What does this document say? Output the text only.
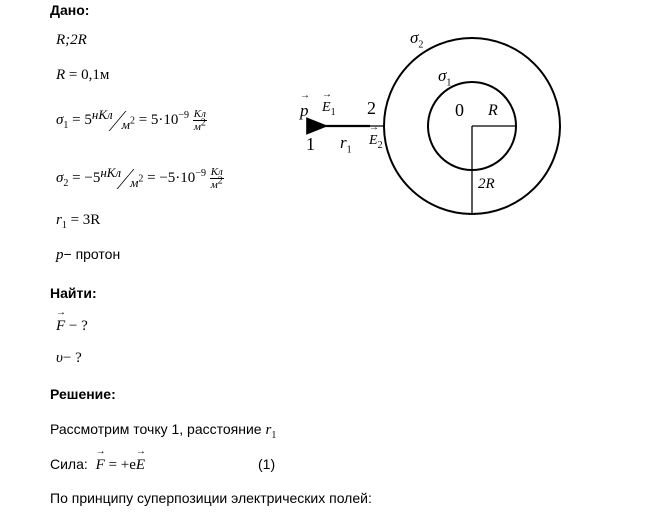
$\sigma_2$
$\sigma_1$
→ p
→ $E_1$ 2
1 $r_1$
→ $E_2$
0 R
2R
Дано:
R;2R
R = 0,1м
$\sigma_1$ = 5нКлм$^2$ = $5\cdot 10^{-9} \frac{Кл}{м^2}$
$\sigma_2$ = −5нКлм$^2$ = $-5\cdot 10^{-9} \frac{Кл}{м^2}$
$r_1 = 3R$
p− протон
Найти:
→ F − ?
υ− ?
Решение:
Рассмотрим точку 1, расстояние $r_1$
Сила: → F = +e→ E	(1)
По принципу суперпозиции электрических полей:
